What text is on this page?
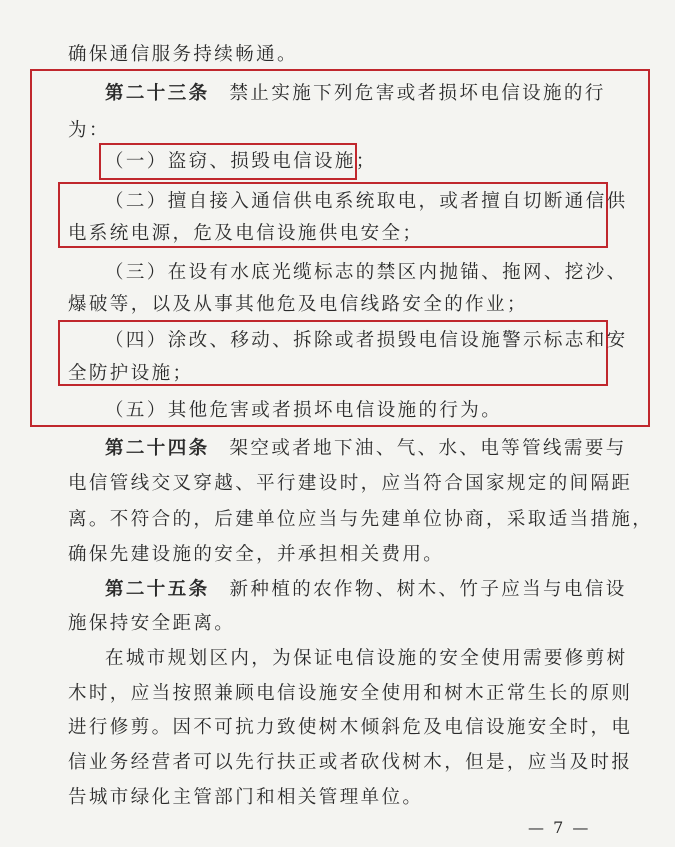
确保通信服务持续畅通。
第二十三条 禁止实施下列危害或者损坏电信设施的行
为：
（一）盗窃、损毁电信设施；
（二）擅自接入通信供电系统取电，或者擅自切断通信供
电系统电源，危及电信设施供电安全；
（三）在设有水底光缆标志的禁区内抛锚、拖网、挖沙、
爆破等，以及从事其他危及电信线路安全的作业；
（四）涂改、移动、拆除或者损毁电信设施警示标志和安
全防护设施；
（五）其他危害或者损坏电信设施的行为。
第二十四条 架空或者地下油、气、水、电等管线需要与
电信管线交叉穿越、平行建设时，应当符合国家规定的间隔距
离。不符合的，后建单位应当与先建单位协商，采取适当措施，
确保先建设施的安全，并承担相关费用。
第二十五条 新种植的农作物、树木、竹子应当与电信设
施保持安全距离。
在城市规划区内，为保证电信设施的安全使用需要修剪树
木时，应当按照兼顾电信设施安全使用和树木正常生长的原则
进行修剪。因不可抗力致使树木倾斜危及电信设施安全时，电
信业务经营者可以先行扶正或者砍伐树木，但是，应当及时报
告城市绿化主管部门和相关管理单位。
— 7 —
